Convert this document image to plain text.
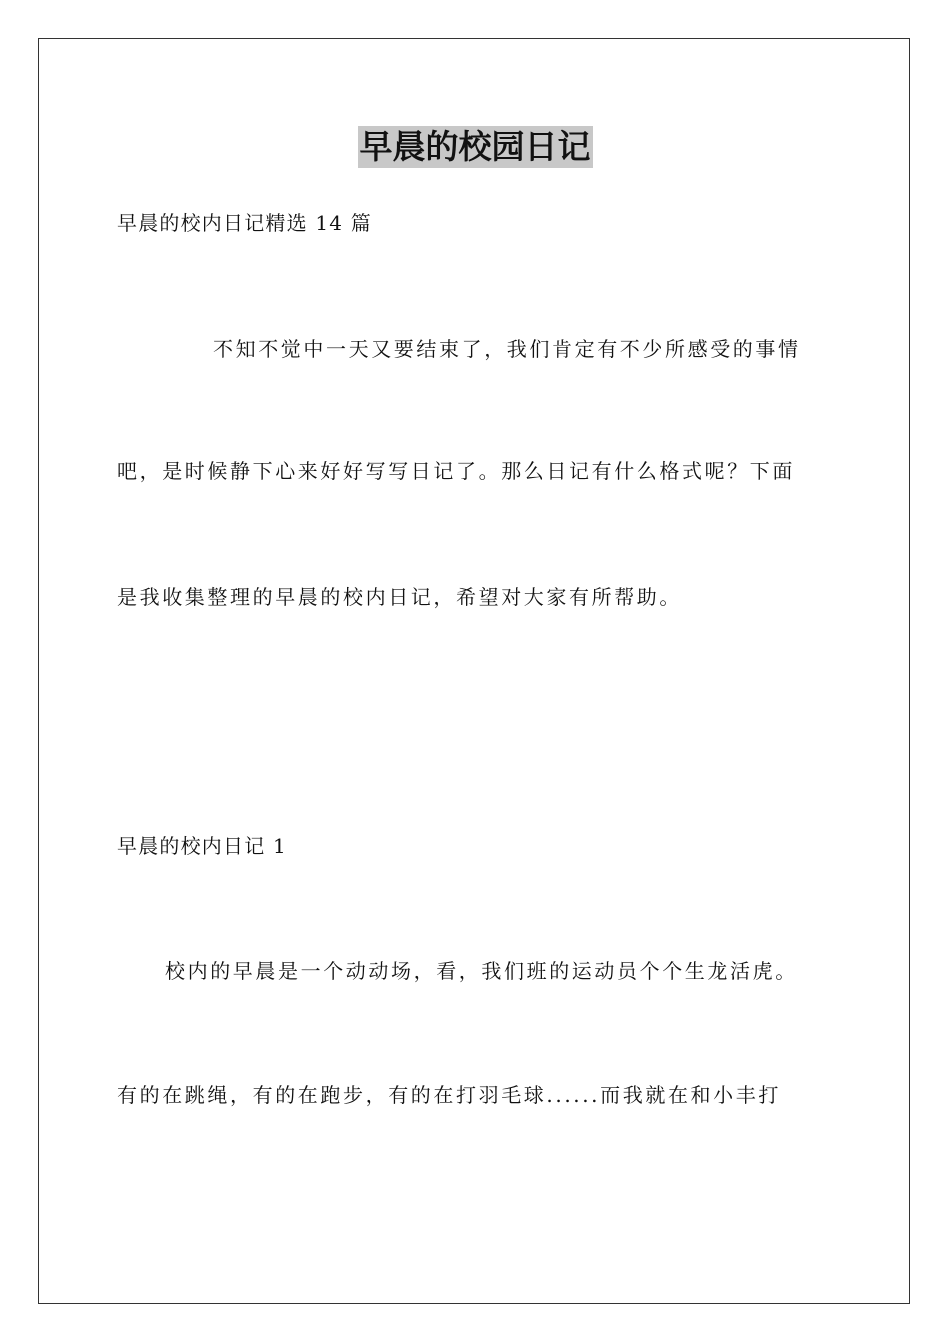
早晨的校园日记
早晨的校内日记精选 14 篇
不知不觉中一天又要结束了，我们肯定有不少所感受的事情
吧，是时候静下心来好好写写日记了。那么日记有什么格式呢？下面
是我收集整理的早晨的校内日记，希望对大家有所帮助。
早晨的校内日记 1
校内的早晨是一个动动场，看，我们班的运动员个个生龙活虎。
有的在跳绳，有的在跑步，有的在打羽毛球......而我就在和小丰打
